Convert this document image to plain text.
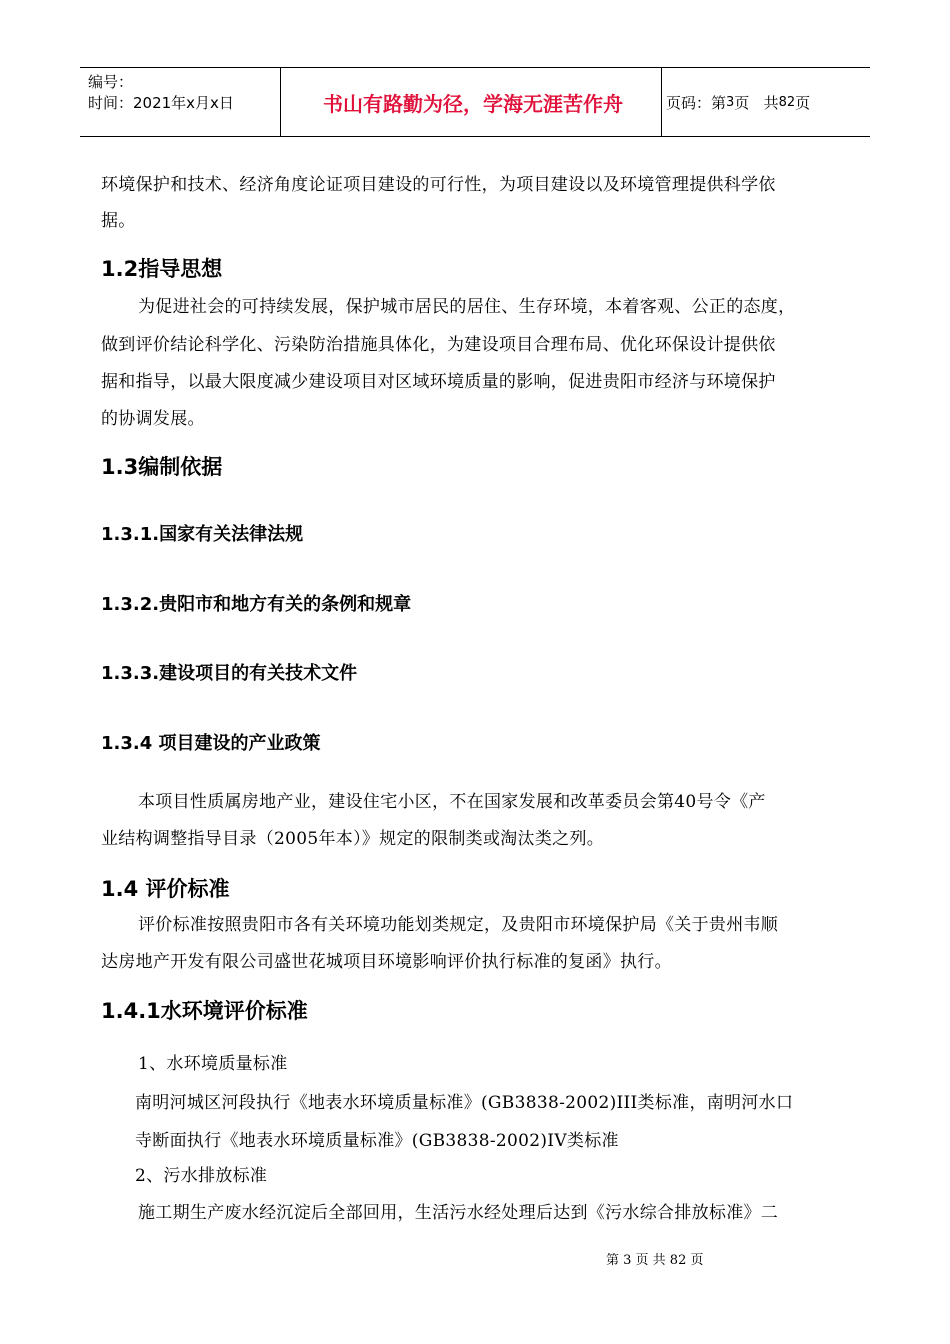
编号：
时间：2021年x月x日	书山有路勤为径，学海无涯苦作舟	页码：第 3 页   共 82 页
环境保护和技术、经济角度论证项目建设的可行性，为项目建设以及环境管理提供科学依
据。
1.2指导思想
为促进社会的可持续发展，保护城市居民的居住、生存环境，本着客观、公正的态度，
做到评价结论科学化、污染防治措施具体化，为建设项目合理布局、优化环保设计提供依
据和指导，以最大限度减少建设项目对区域环境质量的影响，促进贵阳市经济与环境保护
的协调发展。
1.3编制依据
1.3.1.国家有关法律法规
1.3.2.贵阳市和地方有关的条例和规章
1.3.3.建设项目的有关技术文件
1.3.4 项目建设的产业政策
本项目性质属房地产业，建设住宅小区，不在国家发展和改革委员会第40号令《产
业结构调整指导目录（2005年本）》规定的限制类或淘汰类之列。
1.4 评价标准
评价标准按照贵阳市各有关环境功能划类规定，及贵阳市环境保护局《关于贵州韦顺
达房地产开发有限公司盛世花城项目环境影响评价执行标准的复函》执行。
1.4.1水环境评价标准
1、水环境质量标准
南明河城区河段执行《地表水环境质量标准》(GB3838-2002)III类标准，南明河水口
寺断面执行《地表水环境质量标准》(GB3838-2002)IV类标准
2、污水排放标准
施工期生产废水经沉淀后全部回用，生活污水经处理后达到《污水综合排放标准》二
第 3 页 共 82 页
